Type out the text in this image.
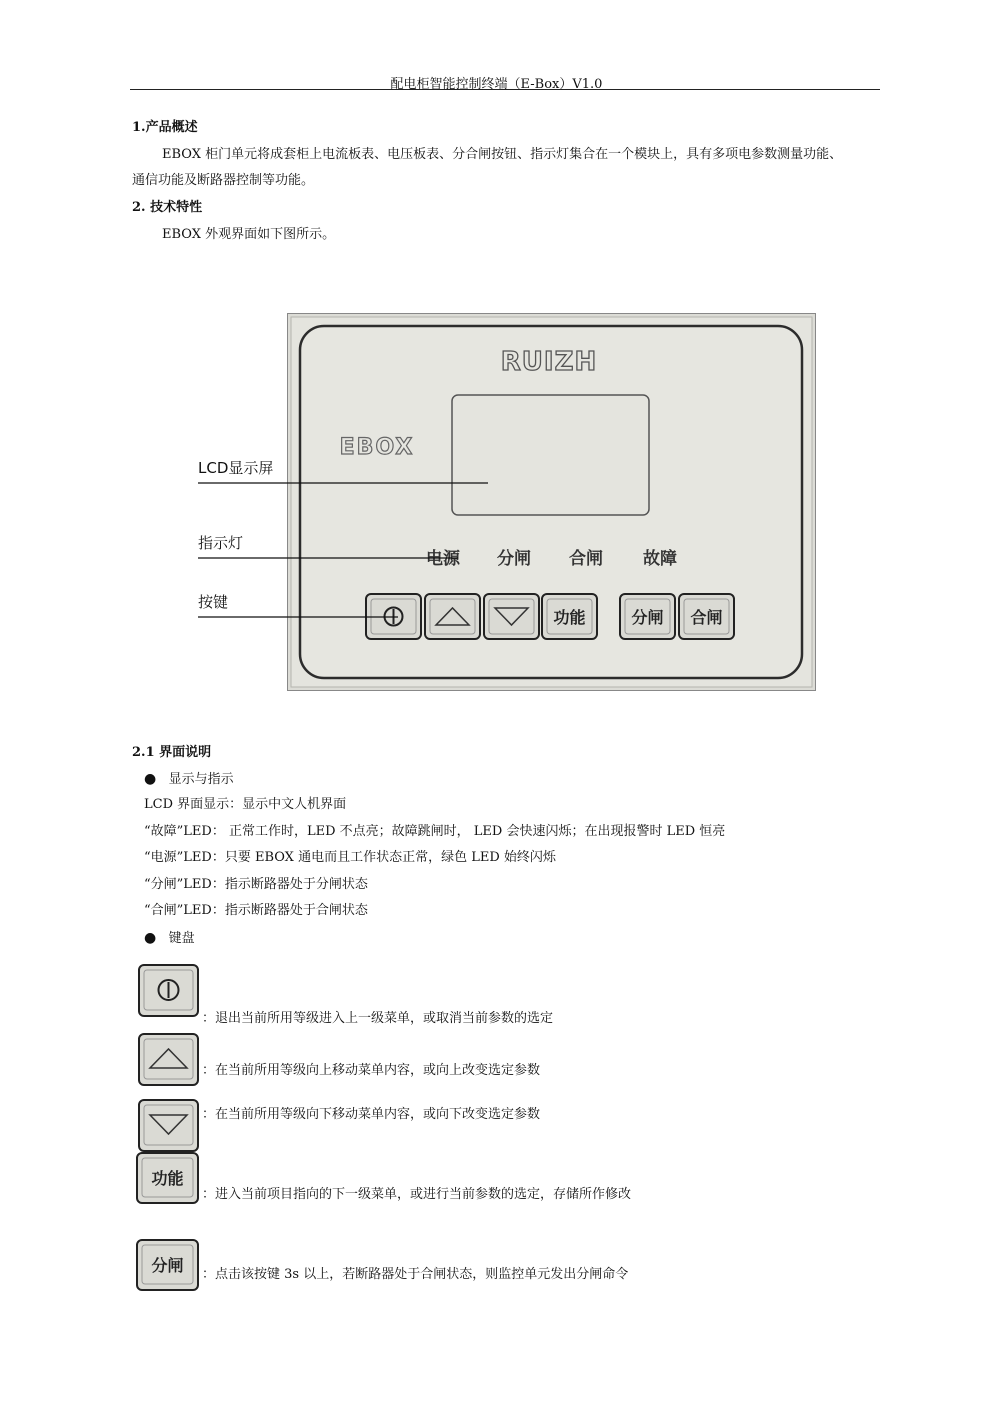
配电柜智能控制终端（E-Box）V1.0
1.产品概述
EBOX 柜门单元将成套柜上电流板表、电压板表、分合闸按钮、指示灯集合在一个模块上，具有多项电参数测量功能、
通信功能及断路器控制等功能。
2. 技术特性
EBOX 外观界面如下图所示。
RUIZH
EBOX
电源 分闸 合闸 故障
功能	分闸 合闸
LCD显示屏
指示灯
按键
2.1 界面说明
● 显示与指示
LCD 界面显示：显示中文人机界面
“故障”LED： 正常工作时，LED 不点亮；故障跳闸时， LED 会快速闪烁；在出现报警时 LED 恒亮
“电源”LED：只要 EBOX 通电而且工作状态正常，绿色 LED 始终闪烁
“分闸”LED：指示断路器处于分闸状态
“合闸”LED：指示断路器处于合闸状态
● 键盘
：退出当前所用等级进入上一级菜单，或取消当前参数的选定
：在当前所用等级向上移动菜单内容，或向上改变选定参数
：在当前所用等级向下移动菜单内容，或向下改变选定参数
功能
：进入当前项目指向的下一级菜单，或进行当前参数的选定，存储所作修改
分闸 ：点击该按键 3s 以上，若断路器处于合闸状态，则监控单元发出分闸命令
